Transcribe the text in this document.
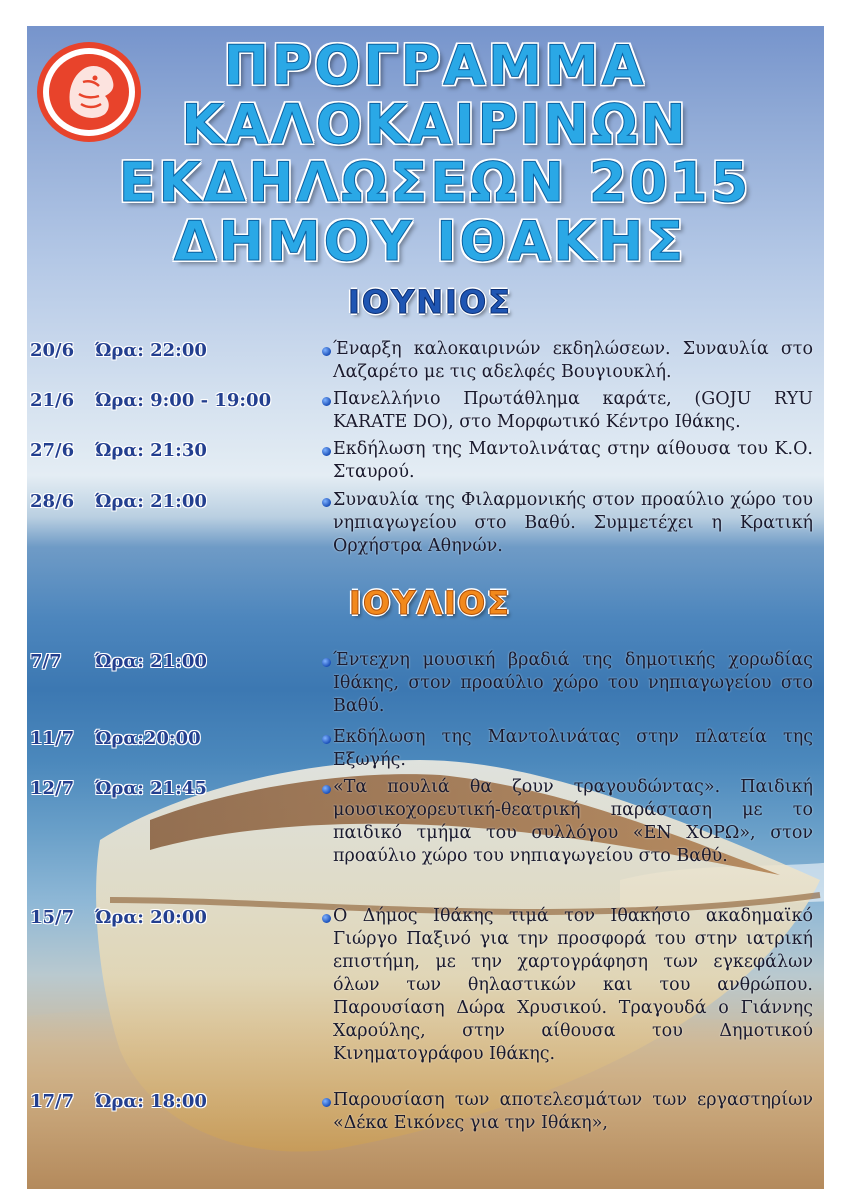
ΠΡΟΓΡΑΜΜΑ
ΚΑΛΟΚΑΙΡΙΝΩΝ
ΕΚΔΗΛΩΣΕΩΝ 2015
ΔΗΜΟΥ ΙΘΑΚΗΣ
ΙΟΥΝΙΟΣ
20/6 Ώρα: 22:00	Έναρξη καλοκαιρινών εκδηλώσεων. Συναυλία στο Λαζαρέτο με τις αδελφές Βουγιουκλή.
21/6 Ώρα: 9:00 - 19:00	Πανελλήνιο Πρωτάθλημα καράτε, (GOJU RYU KARATE DO), στο Μορφωτικό Κέντρο Ιθάκης.
27/6 Ώρα: 21:30	Εκδήλωση της Μαντολινάτας στην αίθουσα του Κ.Ο. Σταυρού.
28/6 Ώρα: 21:00	Συναυλία της Φιλαρμονικής στον προαύλιο χώρο του νηπιαγωγείου στο Βαθύ. Συμμετέχει η Κρατική Ορχήστρα Αθηνών.
ΙΟΥΛΙΟΣ
7/7 Ώρα: 21:00	Έντεχνη μουσική βραδιά της δημοτικής χορωδίας Ιθάκης, στον προαύλιο χώρο του νηπιαγωγείου στο Βαθύ.
11/7 Ώρα:20:00	Εκδήλωση της Μαντολινάτας στην πλατεία της Εξωγής.
12/7 Ώρα: 21:45	«Τα πουλιά θα ζουν τραγουδώντας». Παιδική μουσικοχορευτική-θεατρική παράσταση με το παιδικό τμήμα του συλλόγου «ΕΝ ΧΟΡΩ», στον προαύλιο χώρο του νηπιαγωγείου στο Βαθύ.
15/7 Ώρα: 20:00	Ο Δήμος Ιθάκης τιμά τον Ιθακήσιο ακαδημαϊκό Γιώργο Παξινό για την προσφορά του στην ιατρική επιστήμη, με την χαρτογράφηση των εγκεφάλων όλων των θηλαστικών και του ανθρώπου. Παρουσίαση Δώρα Χρυσικού. Τραγουδά ο Γιάννης Χαρούλης, στην αίθουσα του Δημοτικού Κινηματογράφου Ιθάκης.
17/7 Ώρα: 18:00	Παρουσίαση των αποτελεσμάτων των εργαστηρίων «Δέκα Εικόνες για την Ιθάκη»,
